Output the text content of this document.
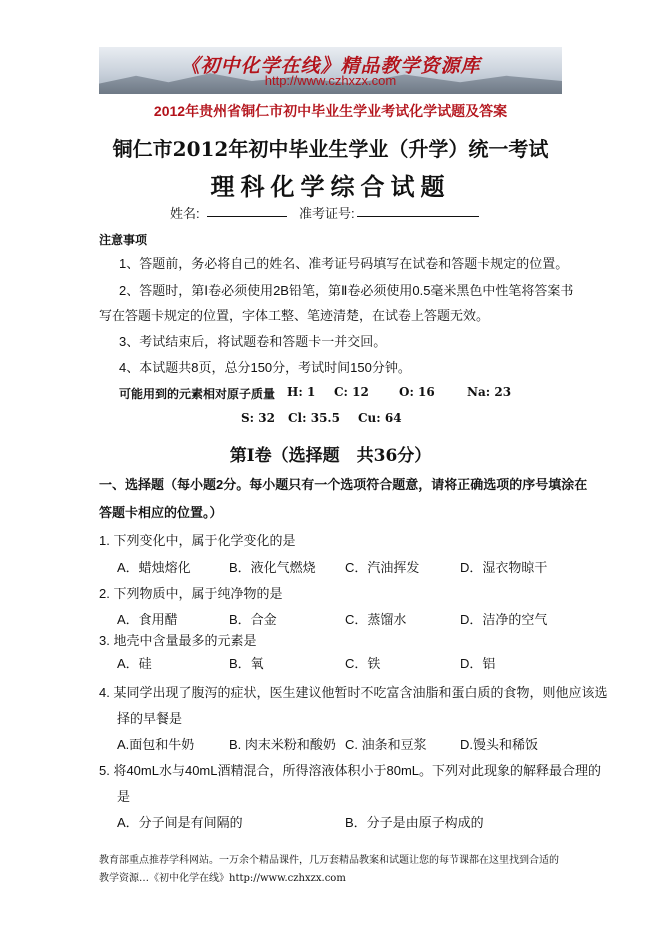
《初中化学在线》精品教学资源库
http://www.czhxzx.com
2012年贵州省铜仁市初中毕业生学业考试化学试题及答案
铜仁市2012年初中毕业生学业（升学）统一考试
理科化学综合试题
姓名:	准考证号:
注意事项
1、答题前，务必将自己的姓名、准考证号码填写在试卷和答题卡规定的位置。
2、答题时，第Ⅰ卷必须使用2B铅笔，第Ⅱ卷必须使用0.5毫米黑色中性笔将答案书
写在答题卡规定的位置，字体工整、笔迹清楚，在试卷上答题无效。
3、考试结束后，将试题卷和答题卡一并交回。
4、本试题共8页，总分150分，考试时间150分钟。
可能用到的元素相对原子质量 H: 1 C: 12	O: 16	Na: 23
S: 32 Cl: 35.5 Cu: 64
第Ⅰ卷（选择题　共36分）
一、选择题（每小题2分。每小题只有一个选项符合题意，请将正确选项的序号填涂在
答题卡相应的位置。）
1. 下列变化中，属于化学变化的是
A．蜡烛熔化	B．液化气燃烧 C．汽油挥发	D．湿衣物晾干
2. 下列物质中，属于纯净物的是
A．食用醋	B．合金	C．蒸馏水	D．洁净的空气
3. 地壳中含量最多的元素是
A．硅	B．氧	C．铁	D．铝
4. 某同学出现了腹泻的症状，医生建议他暂时不吃富含油脂和蛋白质的食物，则他应该选
择的早餐是
A.面包和牛奶	B. 肉末米粉和酸奶 C. 油条和豆浆	D.馒头和稀饭
5. 将40mL水与40mL酒精混合，所得溶液体积小于80mL。下列对此现象的解释最合理的
是
A．分子间是有间隔的	B．分子是由原子构成的
教育部重点推荐学科网站。一万余个精品课件，几万套精品教案和试题让您的每节课都在这里找到合适的
教学资源…《初中化学在线》http://www.czhxzx.com
